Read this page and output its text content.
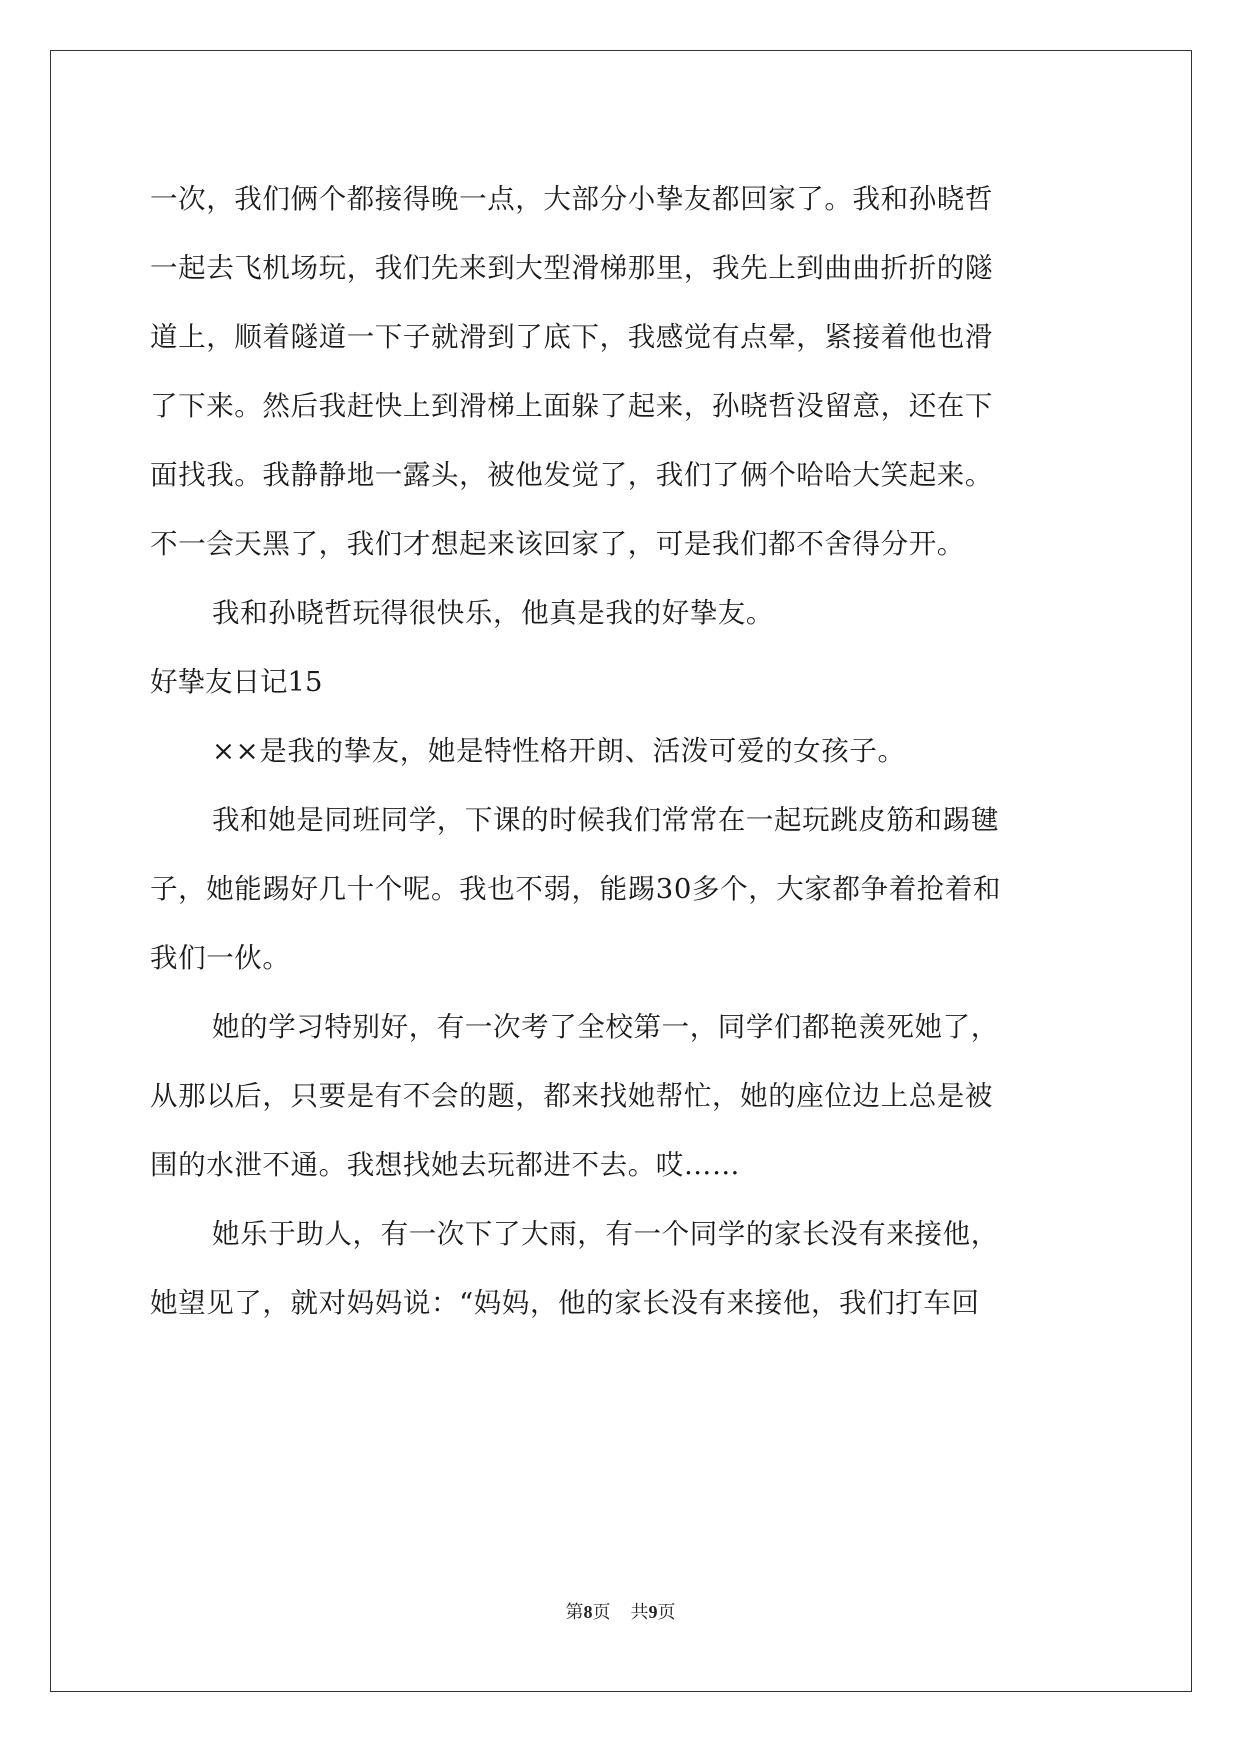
一次，我们俩个都接得晚一点，大部分小挚友都回家了。我和孙晓哲
一起去飞机场玩，我们先来到大型滑梯那里，我先上到曲曲折折的隧
道上，顺着隧道一下子就滑到了底下，我感觉有点晕，紧接着他也滑
了下来。然后我赶快上到滑梯上面躲了起来，孙晓哲没留意，还在下
面找我。我静静地一露头，被他发觉了，我们了俩个哈哈大笑起来。
不一会天黑了，我们才想起来该回家了，可是我们都不舍得分开。
我和孙晓哲玩得很快乐，他真是我的好挚友。
好挚友日记15
××是我的挚友，她是特性格开朗、活泼可爱的女孩子。
我和她是同班同学，下课的时候我们常常在一起玩跳皮筋和踢毽
子，她能踢好几十个呢。我也不弱，能踢30多个，大家都争着抢着和
我们一伙。
她的学习特别好，有一次考了全校第一，同学们都艳羡死她了，
从那以后，只要是有不会的题，都来找她帮忙，她的座位边上总是被
围的水泄不通。我想找她去玩都进不去。哎……
她乐于助人，有一次下了大雨，有一个同学的家长没有来接他，
她望见了，就对妈妈说：“妈妈，他的家长没有来接他，我们打车回
第8页 共9页
